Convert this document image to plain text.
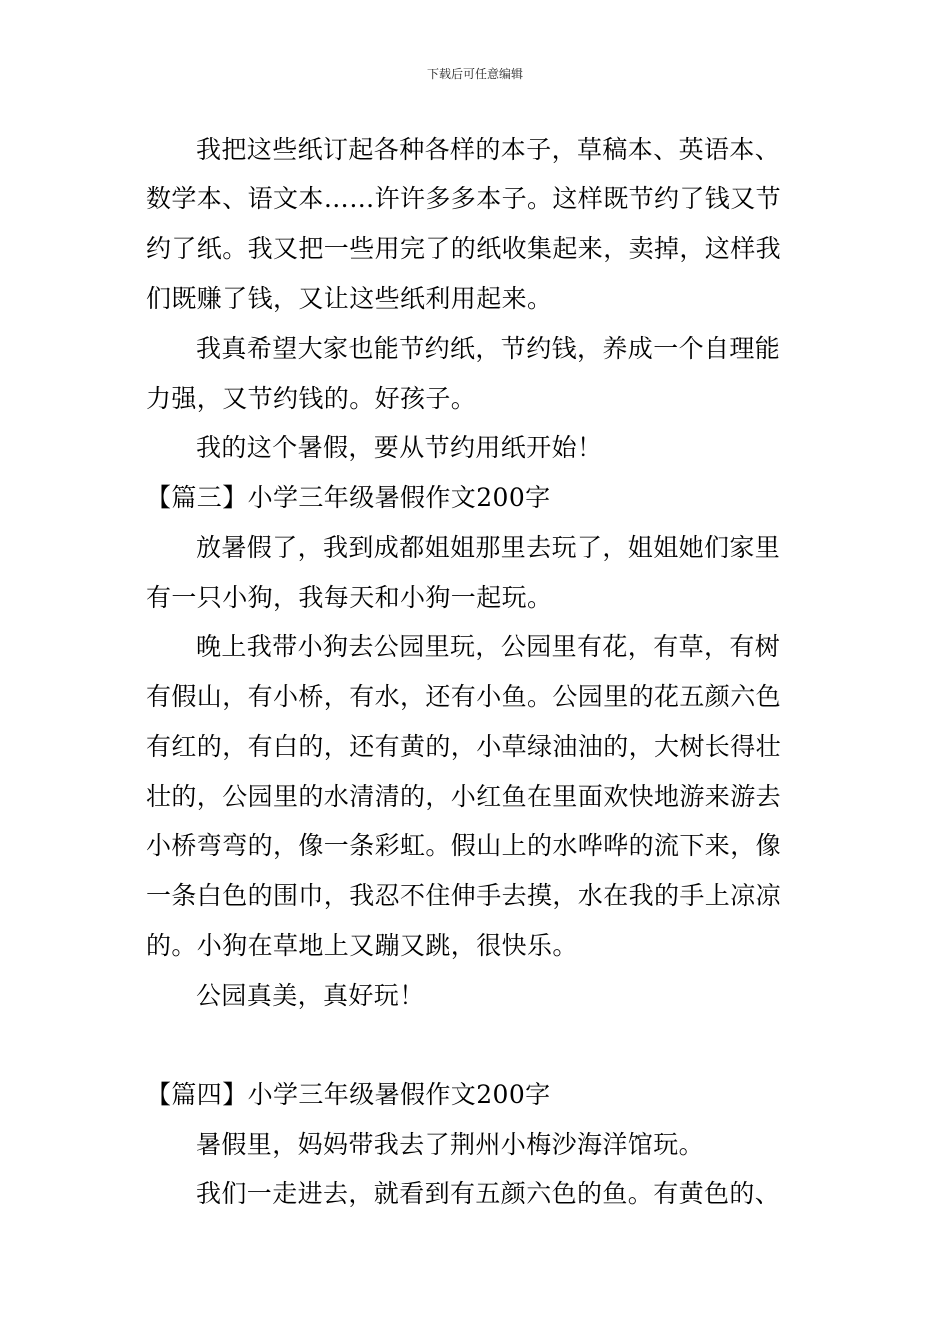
下载后可任意编辑
我把这些纸订起各种各样的本子，草稿本、英语本、
数学本、语文本……许许多多本子。这样既节约了钱又节
约了纸。我又把一些用完了的纸收集起来，卖掉，这样我
们既赚了钱，又让这些纸利用起来。
我真希望大家也能节约纸，节约钱，养成一个自理能
力强，又节约钱的。好孩子。
我的这个暑假，要从节约用纸开始！
【篇三】小学三年级暑假作文200字
放暑假了，我到成都姐姐那里去玩了，姐姐她们家里
有一只小狗，我每天和小狗一起玩。
晚上我带小狗去公园里玩，公园里有花，有草，有树
有假山，有小桥，有水，还有小鱼。公园里的花五颜六色
有红的，有白的，还有黄的，小草绿油油的，大树长得壮
壮的，公园里的水清清的，小红鱼在里面欢快地游来游去
小桥弯弯的，像一条彩虹。假山上的水哗哗的流下来，像
一条白色的围巾，我忍不住伸手去摸，水在我的手上凉凉
的。小狗在草地上又蹦又跳，很快乐。
公园真美，真好玩！
【篇四】小学三年级暑假作文200字
暑假里，妈妈带我去了荆州小梅沙海洋馆玩。
我们一走进去，就看到有五颜六色的鱼。有黄色的、
